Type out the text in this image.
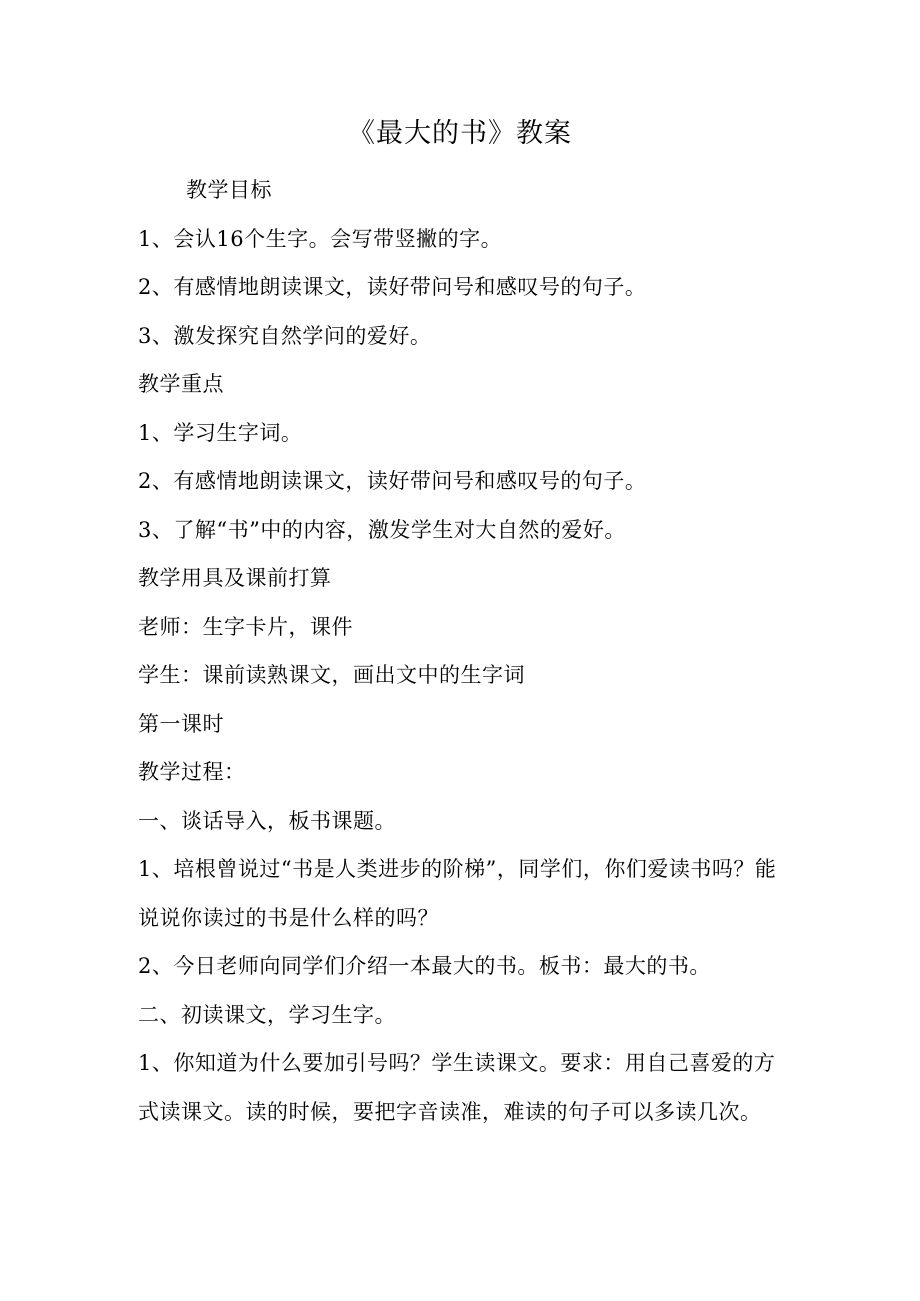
《最大的书》教案
教学目标
1、会认16个生字。会写带竖撇的字。
2、有感情地朗读课文，读好带问号和感叹号的句子。
3、激发探究自然学问的爱好。
教学重点
1、学习生字词。
2、有感情地朗读课文，读好带问号和感叹号的句子。
3、了解“书”中的内容，激发学生对大自然的爱好。
教学用具及课前打算
老师：生字卡片，课件
学生：课前读熟课文，画出文中的生字词
第一课时
教学过程：
一、谈话导入，板书课题。
1、培根曾说过“书是人类进步的阶梯”，同学们，你们爱读书吗？能说说你读过的书是什么样的吗？
2、今日老师向同学们介绍一本最大的书。板书：最大的书。
二、初读课文，学习生字。
1、你知道为什么要加引号吗？学生读课文。要求：用自己喜爱的方式读课文。读的时候，要把字音读准，难读的句子可以多读几次。
